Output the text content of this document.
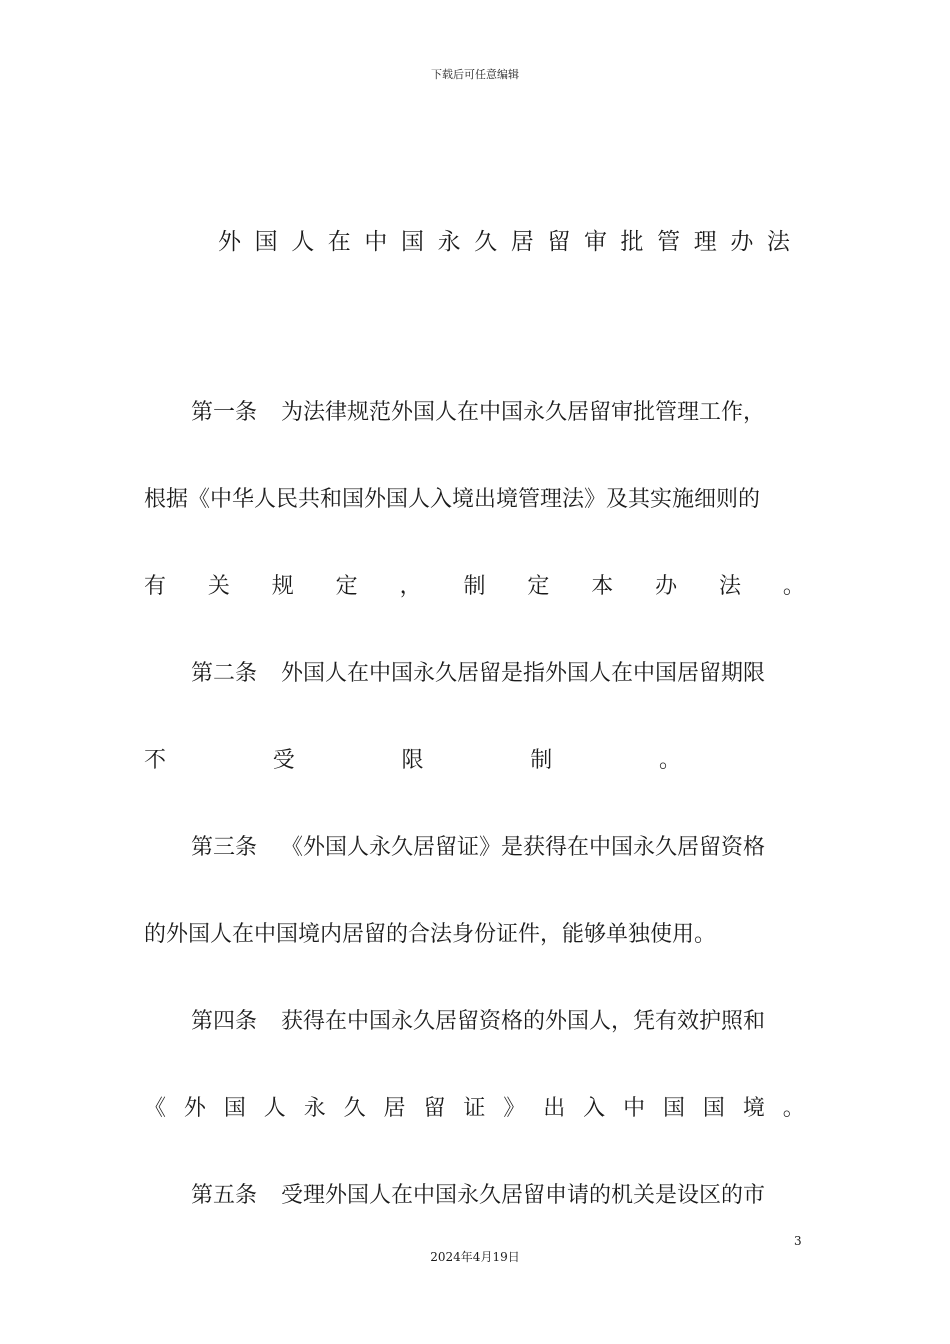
下载后可任意编辑
外 国 人 在 中 国 永 久 居 留 审 批 管 理 办 法
第一条 为法律规范外国人在中国永久居留审批管理工作，
根据《中华人民共和国外国人入境出境管理法》及其实施细则的
有 关 规 定 ， 制 定 本 办 法 。
第二条 外国人在中国永久居留是指外国人在中国居留期限
不	受	限	制	。
第三条 《外国人永久居留证》是获得在中国永久居留资格
的外国人在中国境内居留的合法身份证件，能够单独使用。
第四条 获得在中国永久居留资格的外国人，凭有效护照和
《 外 国 人 永 久 居 留 证 》 出 入 中 国 国 境 。
第五条 受理外国人在中国永久居留申请的机关是设区的市
3
2024年4月19日
